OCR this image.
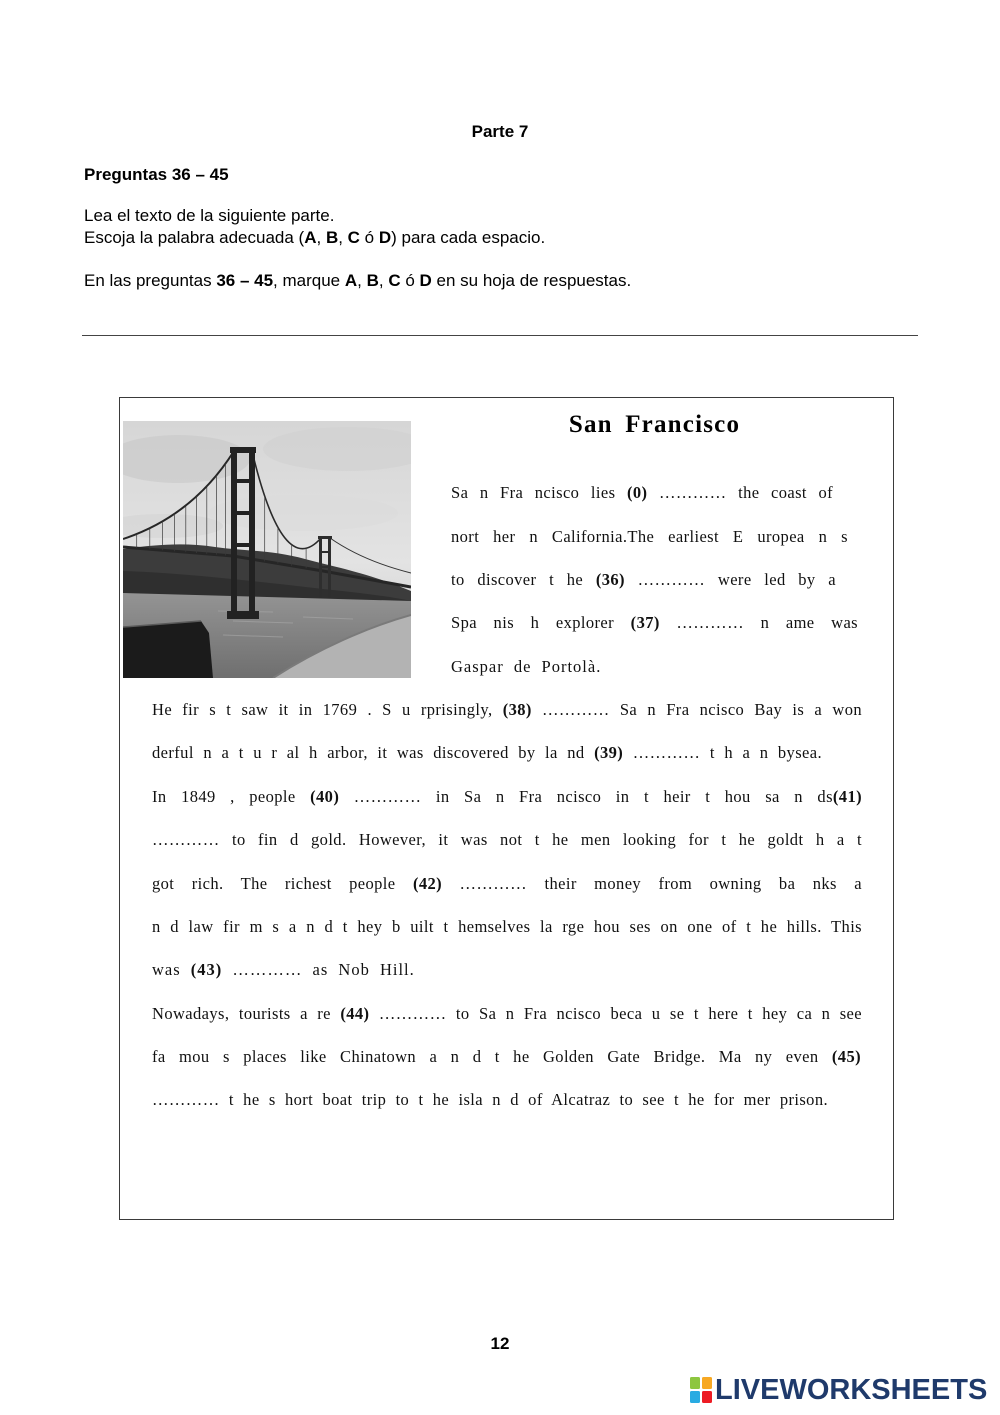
Parte 7
Preguntas 36 – 45
Lea el texto de la siguiente parte.
Escoja la palabra adecuada (A, B, C ó D) para cada espacio.
En las preguntas 36 – 45, marque A, B, C ó D en su hoja de respuestas.
San Francisco
Sa n Fra ncisco lies (0) ………… the coast of
nort her n California.The earliest E uropea n s
to discover t he (36) ………… were led by a
Spa nis h explorer (37) ………… n ame was
Gaspar de Portolà.
He fir s t saw it in 1769 . S u rprisingly, (38) ………… Sa n Fra ncisco Bay is a won
derful n a t u r al h arbor, it was discovered by la nd (39) ………… t h a n bysea.
In 1849 , people (40) ………… in Sa n Fra ncisco in t heir t hou sa n ds(41)
………… to fin d gold. However, it was not t he men looking for t he goldt h a t
got rich. The richest people (42) ………… their money from owning ba nks a
n d law fir m s a n d t hey b uilt t hemselves la rge hou ses on one of t he hills. This
was (43) ………… as Nob Hill.
Nowadays, tourists a re (44) ………… to Sa n Fra ncisco beca u se t here t hey ca n see
fa mou s places like Chinatown a n d t he Golden Gate Bridge. Ma ny even (45)
………… t he s hort boat trip to t he isla n d of Alcatraz to see t he for mer prison.
12
LIVEWORKSHEETS
